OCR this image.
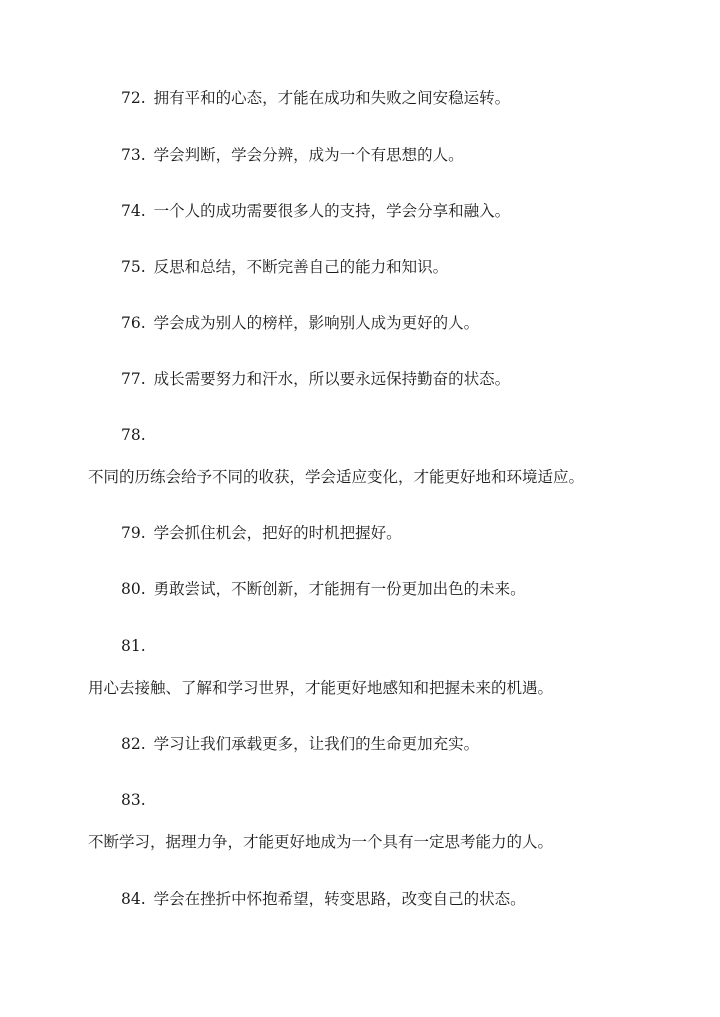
72. 拥有平和的心态，才能在成功和失败之间安稳运转。
73. 学会判断，学会分辨，成为一个有思想的人。
74. 一个人的成功需要很多人的支持，学会分享和融入。
75. 反思和总结，不断完善自己的能力和知识。
76. 学会成为别人的榜样，影响别人成为更好的人。
77. 成长需要努力和汗水，所以要永远保持勤奋的状态。
78.
不同的历练会给予不同的收获，学会适应变化，才能更好地和环境适应。
79. 学会抓住机会，把好的时机把握好。
80. 勇敢尝试，不断创新，才能拥有一份更加出色的未来。
81.
用心去接触、了解和学习世界，才能更好地感知和把握未来的机遇。
82. 学习让我们承载更多，让我们的生命更加充实。
83.
不断学习，据理力争，才能更好地成为一个具有一定思考能力的人。
84. 学会在挫折中怀抱希望，转变思路，改变自己的状态。
